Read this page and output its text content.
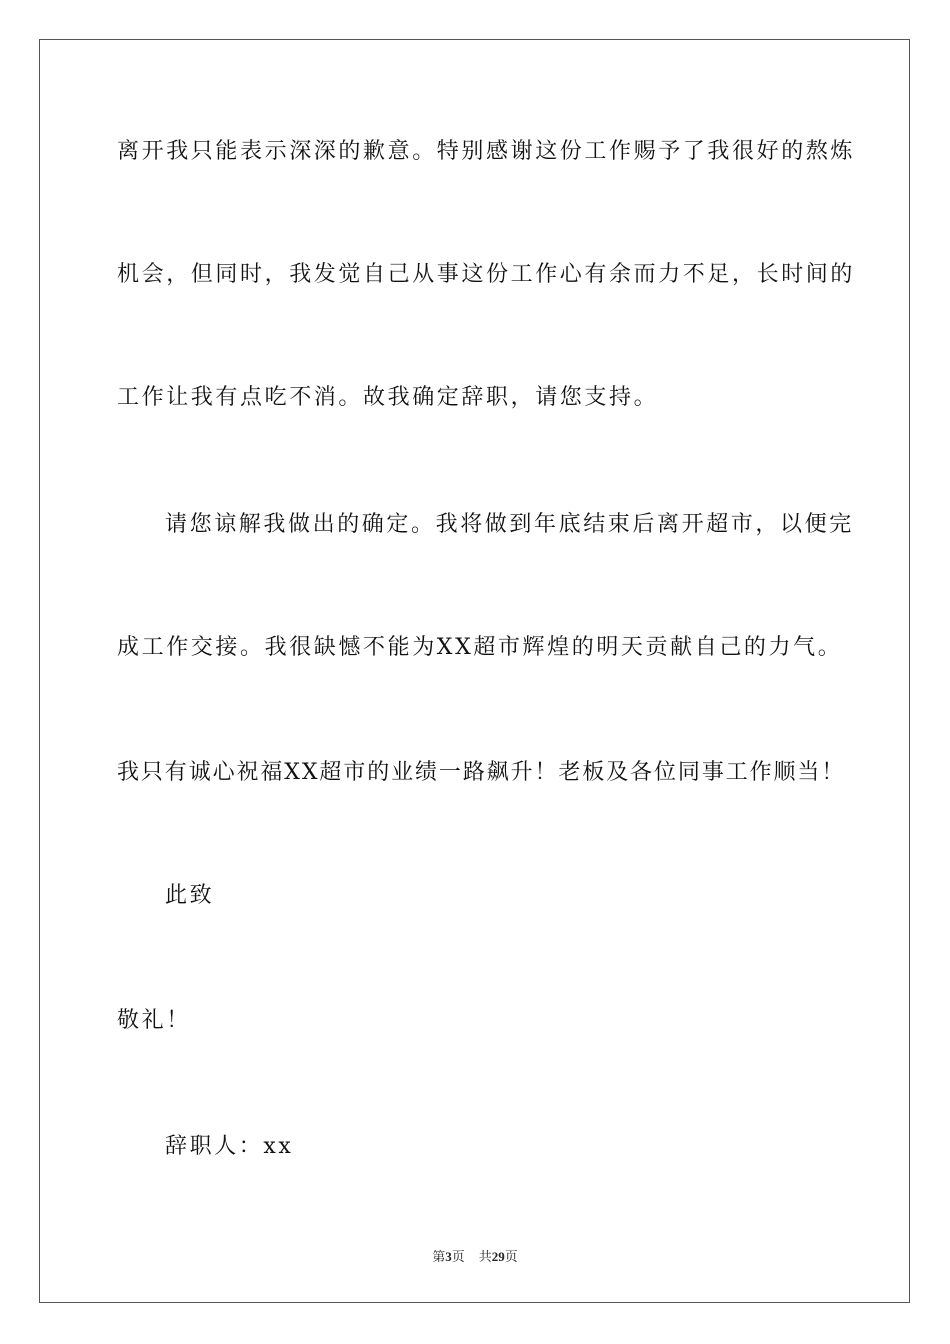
离开我只能表示深深的歉意。特别感谢这份工作赐予了我很好的熬炼
机会，但同时，我发觉自己从事这份工作心有余而力不足，长时间的
工作让我有点吃不消。故我确定辞职，请您支持。
请您谅解我做出的确定。我将做到年底结束后离开超市，以便完
成工作交接。我很缺憾不能为XX超市辉煌的明天贡献自己的力气。
我只有诚心祝福XX超市的业绩一路飙升！老板及各位同事工作顺当！
此致
敬礼！
辞职人：xx
第3页 共29页
